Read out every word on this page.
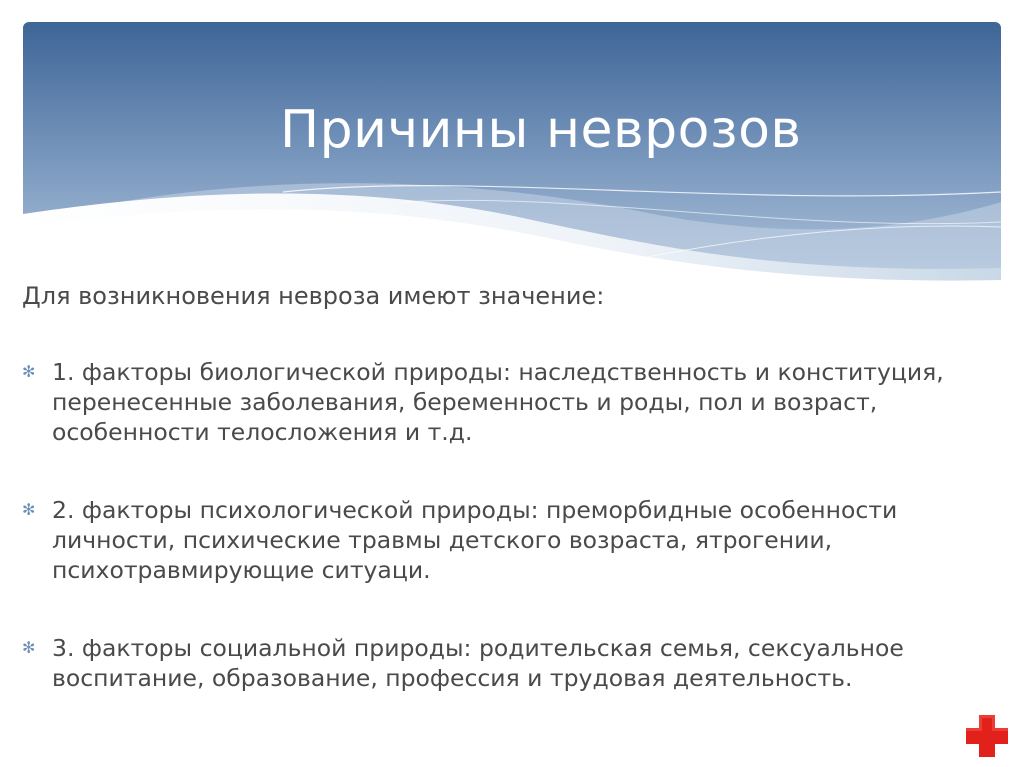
Причины неврозов

Для возникновения невроза имеют значение:

✻ 1. факторы биологической природы: наследственность и конституция, перенесенные заболевания, беременность и роды, пол и возраст, особенности телосложения и т.д.
✻ 2. факторы психологической природы: преморбидные особенности личности, психические травмы детского возраста, ятрогении, психотравмирующие ситуаци.
✻ 3. факторы социальной природы: родительская семья, сексуальное воспитание, образование, профессия и трудовая деятельность.
